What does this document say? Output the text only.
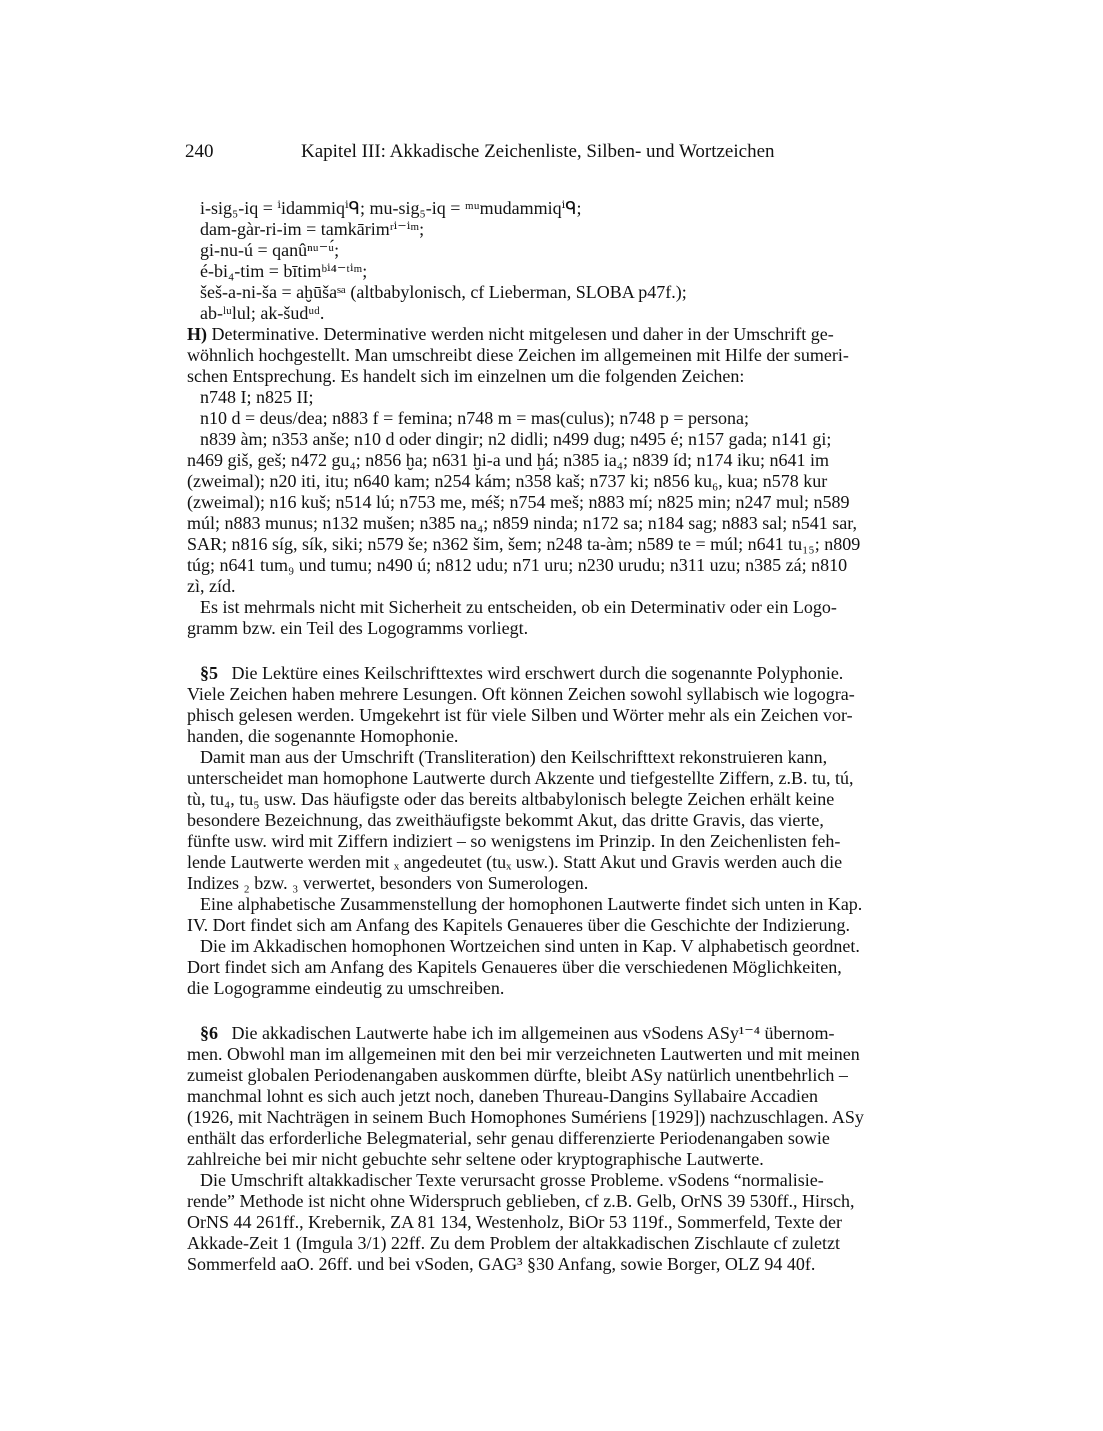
240	Kapitel III: Akkadische Zeichenliste, Silben- und Wortzeichen
i-sig₅-iq = ⁱidammiqⁱᑫ; mu-sig₅-iq = ᵐᵘmudammiqⁱᑫ;
dam-gàr-ri-im = tamkārimʳⁱ⁻ⁱᵐ;
gi-nu-ú = qanûⁿᵘ⁻ᵘ́;
é-bi₄-tim = bītimᵇⁱ⁴⁻ᵗⁱᵐ;
šeš-a-ni-ša = aḫūšaˢᵃ (altbabylonisch, cf Lieberman, SLOBA p47f.);
ab-ˡᵘlul; ak-šudᵘᵈ.
H) Determinative. Determinative werden nicht mitgelesen und daher in der Umschrift ge-
wöhnlich hochgestellt. Man umschreibt diese Zeichen im allgemeinen mit Hilfe der sumeri-
schen Entsprechung. Es handelt sich im einzelnen um die folgenden Zeichen:
n748 I; n825 II;
n10 d = deus/dea; n883 f = femina; n748 m = mas(culus); n748 p = persona;
n839 àm; n353 anše; n10 d oder dingir; n2 didli; n499 dug; n495 é; n157 gada; n141 gi;
n469 giš, geš; n472 gu₄; n856 ḫa; n631 ḫi-a und ḫá; n385 ia₄; n839 íd; n174 iku; n641 im
(zweimal); n20 iti, itu; n640 kam; n254 kám; n358 kaš; n737 ki; n856 ku₆, kua; n578 kur
(zweimal); n16 kuš; n514 lú; n753 me, méš; n754 meš; n883 mí; n825 min; n247 mul; n589
múl; n883 munus; n132 mušen; n385 na₄; n859 ninda; n172 sa; n184 sag; n883 sal; n541 sar,
SAR; n816 síg, sík, siki; n579 še; n362 šim, šem; n248 ta-àm; n589 te = múl; n641 tu₁₅; n809
túg; n641 tum₉ und tumu; n490 ú; n812 udu; n71 uru; n230 urudu; n311 uzu; n385 zá; n810
zì, zíd.
Es ist mehrmals nicht mit Sicherheit zu entscheiden, ob ein Determinativ oder ein Logo-
gramm bzw. ein Teil des Logogramms vorliegt.
§5 Die Lektüre eines Keilschrifttextes wird erschwert durch die sogenannte Polyphonie.
Viele Zeichen haben mehrere Lesungen. Oft können Zeichen sowohl syllabisch wie logogra-
phisch gelesen werden. Umgekehrt ist für viele Silben und Wörter mehr als ein Zeichen vor-
handen, die sogenannte Homophonie.
Damit man aus der Umschrift (Transliteration) den Keilschrifttext rekonstruieren kann,
unterscheidet man homophone Lautwerte durch Akzente und tiefgestellte Ziffern, z.B. tu, tú,
tù, tu₄, tu₅ usw. Das häufigste oder das bereits altbabylonisch belegte Zeichen erhält keine
besondere Bezeichnung, das zweithäufigste bekommt Akut, das dritte Gravis, das vierte,
fünfte usw. wird mit Ziffern indiziert – so wenigstens im Prinzip. In den Zeichenlisten feh-
lende Lautwerte werden mit ₓ angedeutet (tuₓ usw.). Statt Akut und Gravis werden auch die
Indizes ₂ bzw. ₃ verwertet, besonders von Sumerologen.
Eine alphabetische Zusammenstellung der homophonen Lautwerte findet sich unten in Kap.
IV. Dort findet sich am Anfang des Kapitels Genaueres über die Geschichte der Indizierung.
Die im Akkadischen homophonen Wortzeichen sind unten in Kap. V alphabetisch geordnet.
Dort findet sich am Anfang des Kapitels Genaueres über die verschiedenen Möglichkeiten,
die Logogramme eindeutig zu umschreiben.
§6 Die akkadischen Lautwerte habe ich im allgemeinen aus vSodens ASy¹⁻⁴ übernom-
men. Obwohl man im allgemeinen mit den bei mir verzeichneten Lautwerten und mit meinen
zumeist globalen Periodenangaben auskommen dürfte, bleibt ASy natürlich unentbehrlich –
manchmal lohnt es sich auch jetzt noch, daneben Thureau-Dangins Syllabaire Accadien
(1926, mit Nachträgen in seinem Buch Homophones Sumériens [1929]) nachzuschlagen. ASy
enthält das erforderliche Belegmaterial, sehr genau differenzierte Periodenangaben sowie
zahlreiche bei mir nicht gebuchte sehr seltene oder kryptographische Lautwerte.
Die Umschrift altakkadischer Texte verursacht grosse Probleme. vSodens “normalisie-
rende” Methode ist nicht ohne Widerspruch geblieben, cf z.B. Gelb, OrNS 39 530ff., Hirsch,
OrNS 44 261ff., Krebernik, ZA 81 134, Westenholz, BiOr 53 119f., Sommerfeld, Texte der
Akkade-Zeit 1 (Imgula 3/1) 22ff. Zu dem Problem der altakkadischen Zischlaute cf zuletzt
Sommerfeld aaO. 26ff. und bei vSoden, GAG³ §30 Anfang, sowie Borger, OLZ 94 40f.
